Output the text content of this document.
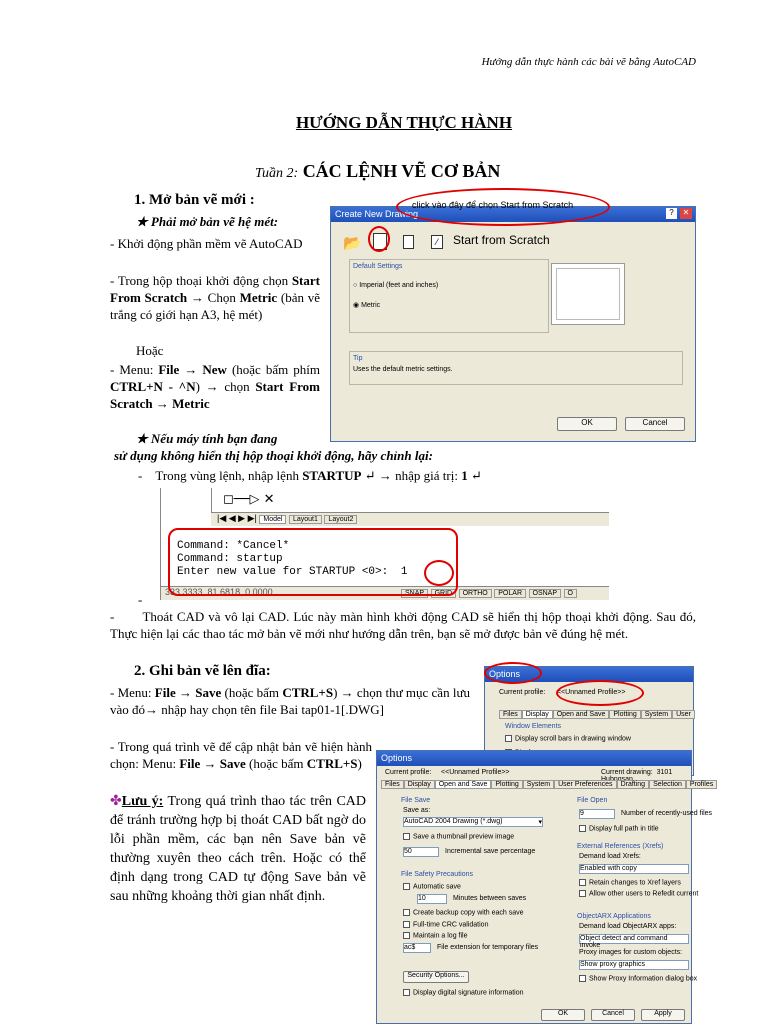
Hướng dẫn thực hành các bài vẽ bằng AutoCAD
HƯỚNG DẪN THỰC HÀNH
Tuần 2: CÁC LỆNH VẼ CƠ BẢN
1. Mở bản vẽ mới :
★ Phải mở bản vẽ hệ mét:
- Khởi động phần mềm vẽ AutoCAD
- Trong hộp thoại khởi động chọn Start From Scratch → Chọn Metric (bản vẽ trắng có giới hạn A3, hệ mét)
Hoặc
- Menu: File → New (hoặc bấm phím CTRL+N - ^N) → chọn Start From Scratch → Metric
★ Nếu máy tính bạn đang
sử dụng không hiển thị hộp thoại khởi động, hãy chỉnh lại:
-    Trong vùng lệnh, nhập lệnh STARTUP ↵ → nhập giá trị: 1 ↵
Create New Drawing	?	✕
📂	⁄	Start from Scratch
Default Settings
○ Imperial (feet and inches)
◉ Metric
Tip
Uses the default metric settings.
OK	Cancel
click vào đây để chọn Start from Scratch
◻──▷ ✕
|◀ ◀ ▶ ▶| Model Layout1 Layout2
Command: *Cancel*
Command: startup
Enter new value for STARTUP <0>: 1
333.3333, 81.6818, 0.0000	SNAP GRID ORTHO POLAR OSNAP O
-
-       Thoát CAD và vô lại CAD. Lúc này màn hình khởi động CAD sẽ hiển thị hộp thoại khởi động. Sau đó, Thực hiện lại các thao tác mở bản vẽ mới như hướng dẫn trên, bạn sẽ mở được bản vẽ đúng hệ mét.
2. Ghi bản vẽ lên đĩa:
- Menu: File → Save (hoặc bấm CTRL+S) → chọn thư mục cần lưu vào đó→ nhập hay chọn tên file Bai tap01-1[.DWG]
- Trong quá trình vẽ để cập nhật bản vẽ hiện hành chọn: Menu: File → Save (hoặc bấm CTRL+S)
✤Lưu ý: Trong quá trình thao tác trên CAD để tránh trường hợp bị thoát CAD bất ngờ do lỗi phần mềm, các bạn nên Save bản vẽ thường xuyên theo cách trên. Hoặc có thể định dạng trong CAD tự động Save bản vẽ sau những khoảng thời gian nhất định.
Options
Current profile: <<Unnamed Profile>>
Files Display Open and Save Plotting System User
Window Elements
Display scroll bars in drawing window
Options
Current profile: <<Unnamed Profile>>	Current drawing: 3101
Files Display Open and Save Plotting System User Preferences Drafting Selection Profiles
File Save
Save as:
AutoCAD 2004 Drawing (*.dwg)	▾
Save a thumbnail preview image
50	Incremental save percentage
File Safety Precautions
Automatic save
10	Minutes between saves
Create backup copy with each save
Full-time CRC validation
Maintain a log file
ac$	File extension for temporary files
Security Options...
Display digital signature information
File Open
9	Number of recently-used files
Display full path in title
External References (Xrefs)
Demand load Xrefs:
Enabled with copy
Retain changes to Xref layers
Allow other users to Refedit current
ObjectARX Applications
Demand load ObjectARX apps:
Object detect and command invoke
Proxy images for custom objects:
Show proxy graphics
Show Proxy Information dialog box
OK	Cancel	Apply
